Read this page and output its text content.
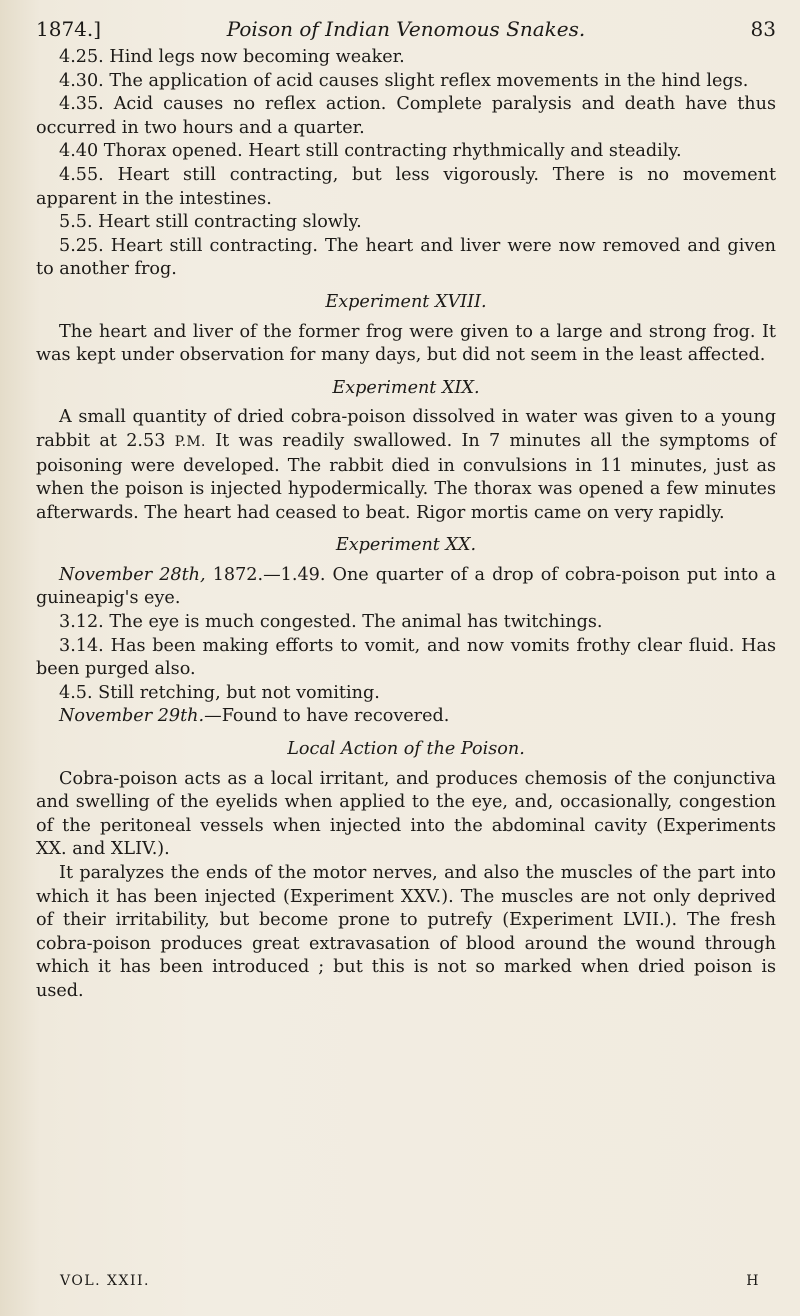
1874.]	Poison of Indian Venomous Snakes.	83

4.25. Hind legs now becoming weaker.

4.30. The application of acid causes slight reflex movements in the hind legs.

4.35. Acid causes no reflex action. Complete paralysis and death have thus occurred in two hours and a quarter.

4.40 Thorax opened. Heart still contracting rhythmically and steadily.

4.55. Heart still contracting, but less vigorously. There is no movement apparent in the intestines.

5.5. Heart still contracting slowly.

5.25. Heart still contracting. The heart and liver were now removed and given to another frog.

Experiment XVIII.

The heart and liver of the former frog were given to a large and strong frog. It was kept under observation for many days, but did not seem in the least affected.

Experiment XIX.

A small quantity of dried cobra-poison dissolved in water was given to a young rabbit at 2.53 P.M. It was readily swallowed. In 7 minutes all the symptoms of poisoning were developed. The rabbit died in convulsions in 11 minutes, just as when the poison is injected hypodermically. The thorax was opened a few minutes afterwards. The heart had ceased to beat. Rigor mortis came on very rapidly.

Experiment XX.

November 28th, 1872.—1.49. One quarter of a drop of cobra-poison put into a guineapig's eye.

3.12. The eye is much congested. The animal has twitchings.

3.14. Has been making efforts to vomit, and now vomits frothy clear fluid. Has been purged also.

4.5. Still retching, but not vomiting.

November 29th.—Found to have recovered.

Local Action of the Poison.

Cobra-poison acts as a local irritant, and produces chemosis of the conjunctiva and swelling of the eyelids when applied to the eye, and, occasionally, congestion of the peritoneal vessels when injected into the abdominal cavity (Experiments XX. and XLIV.).

It paralyzes the ends of the motor nerves, and also the muscles of the part into which it has been injected (Experiment XXV.). The muscles are not only deprived of their irritability, but become prone to putrefy (Experiment LVII.). The fresh cobra-poison produces great extravasation of blood around the wound through which it has been introduced ; but this is not so marked when dried poison is used.

VOL. XXII.	H
